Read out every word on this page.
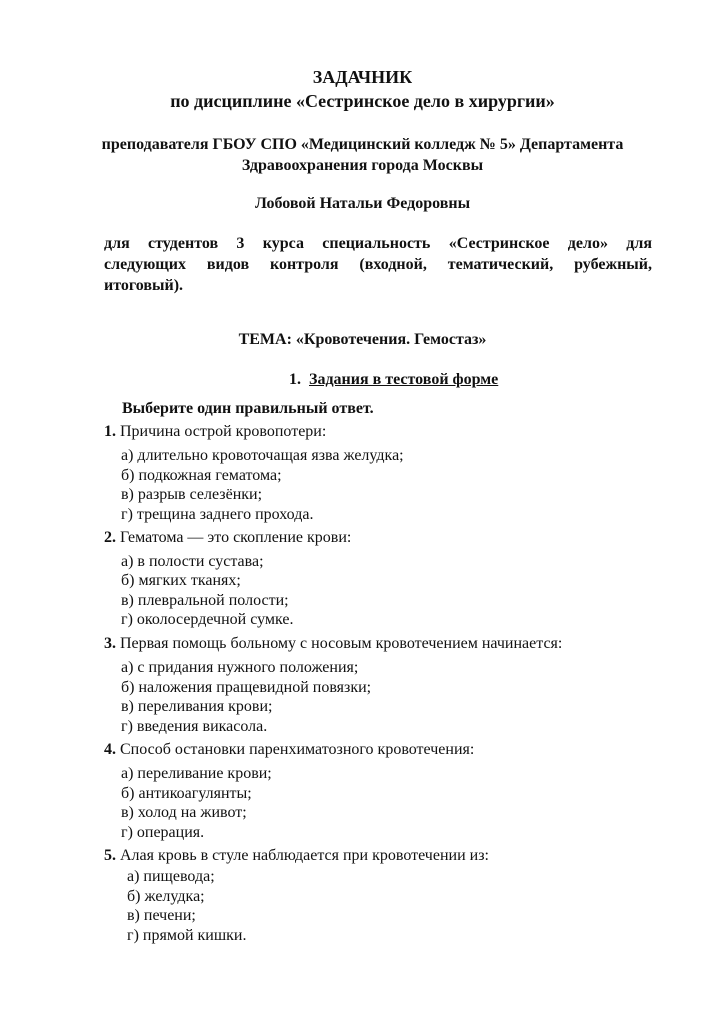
ЗАДАЧНИК
по дисциплине «Сестринское дело в хирургии»
преподавателя ГБОУ СПО «Медицинский колледж № 5» Департамента
Здравоохранения города Москвы
Лобовой Натальи Федоровны
для студентов 3 курса специальность «Сестринское дело» для
следующих видов контроля (входной, тематический, рубежный,
итоговый).
ТЕМА: «Кровотечения. Гемостаз»
1. Задания в тестовой форме
Выберите один правильный ответ.
1. Причина острой кровопотери:
а) длительно кровоточащая язва желудка;
б) подкожная гематома;
в) разрыв селезёнки;
г) трещина заднего прохода.
2. Гематома — это скопление крови:
а) в полости сустава;
б) мягких тканях;
в) плевральной полости;
г) околосердечной сумке.
3. Первая помощь больному с носовым кровотечением начинается:
а) с придания нужного положения;
б) наложения пращевидной повязки;
в) переливания крови;
г) введения викасола.
4. Способ остановки паренхиматозного кровотечения:
а) переливание крови;
б) антикоагулянты;
в) холод на живот;
г) операция.
5. Алая кровь в стуле наблюдается при кровотечении из:
а) пищевода;
б) желудка;
в) печени;
г) прямой кишки.
